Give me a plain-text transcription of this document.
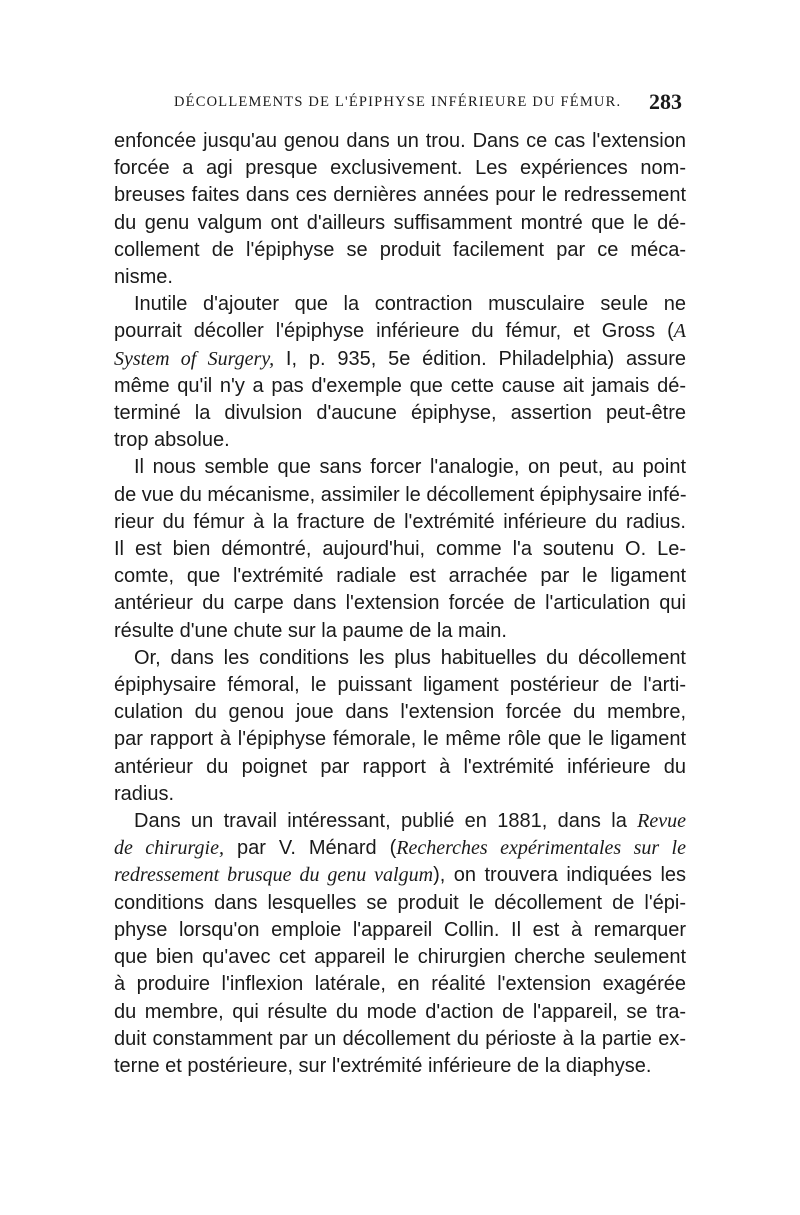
DÉCOLLEMENTS DE L'ÉPIPHYSE INFÉRIEURE DU FÉMUR. 283

enfoncée jusqu'au genou dans un trou. Dans ce cas l'extension
forcée a agi presque exclusivement. Les expériences nom-
breuses faites dans ces dernières années pour le redressement
du genu valgum ont d'ailleurs suffisamment montré que le dé-
collement de l'épiphyse se produit facilement par ce méca-
nisme.

Inutile d'ajouter que la contraction musculaire seule ne
pourrait décoller l'épiphyse inférieure du fémur, et Gross (A
System of Surgery, I, p. 935, 5e édition. Philadelphia) assure
même qu'il n'y a pas d'exemple que cette cause ait jamais dé-
terminé la divulsion d'aucune épiphyse, assertion peut-être
trop absolue.

Il nous semble que sans forcer l'analogie, on peut, au point
de vue du mécanisme, assimiler le décollement épiphysaire infé-
rieur du fémur à la fracture de l'extrémité inférieure du radius.
Il est bien démontré, aujourd'hui, comme l'a soutenu O. Le-
comte, que l'extrémité radiale est arrachée par le ligament
antérieur du carpe dans l'extension forcée de l'articulation qui
résulte d'une chute sur la paume de la main.

Or, dans les conditions les plus habituelles du décollement
épiphysaire fémoral, le puissant ligament postérieur de l'arti-
culation du genou joue dans l'extension forcée du membre,
par rapport à l'épiphyse fémorale, le même rôle que le ligament
antérieur du poignet par rapport à l'extrémité inférieure du
radius.

Dans un travail intéressant, publié en 1881, dans la Revue
de chirurgie, par V. Ménard (Recherches expérimentales sur le
redressement brusque du genu valgum), on trouvera indiquées les
conditions dans lesquelles se produit le décollement de l'épi-
physe lorsqu'on emploie l'appareil Collin. Il est à remarquer
que bien qu'avec cet appareil le chirurgien cherche seulement
à produire l'inflexion latérale, en réalité l'extension exagérée
du membre, qui résulte du mode d'action de l'appareil, se tra-
duit constamment par un décollement du périoste à la partie ex-
terne et postérieure, sur l'extrémité inférieure de la diaphyse.
